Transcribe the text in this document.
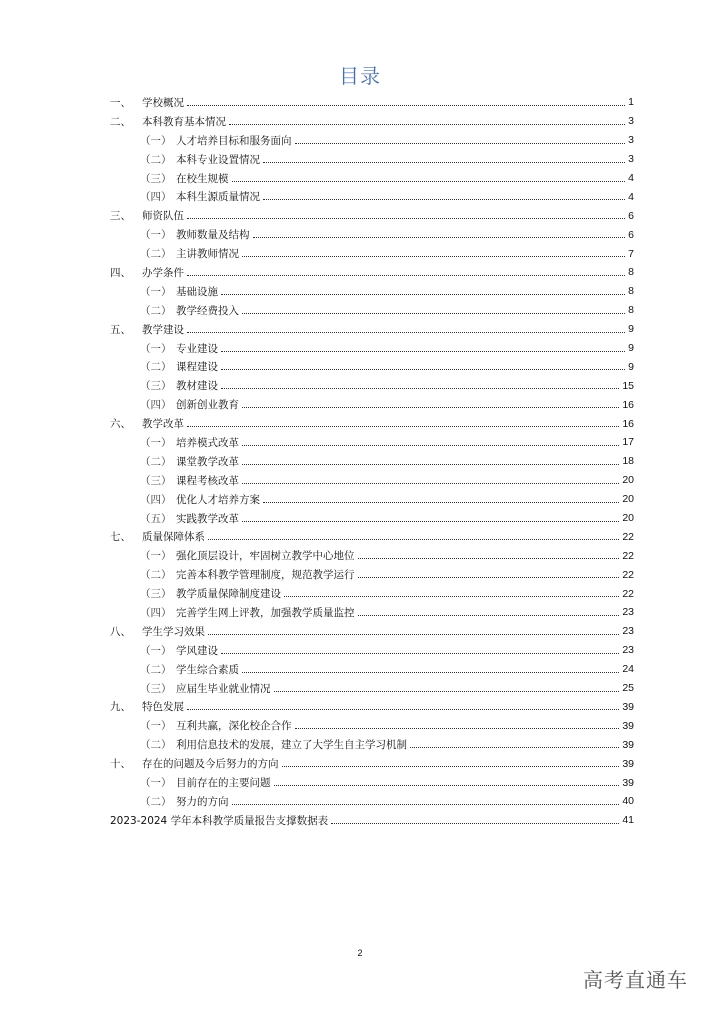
目录
一、	学校概况	1
二、	本科教育基本情况	3
（一） 人才培养目标和服务面向	3
（二） 本科专业设置情况	3
（三） 在校生规模	4
（四） 本科生源质量情况	4
三、	师资队伍	6
（一） 教师数量及结构	6
（二） 主讲教师情况	7
四、	办学条件	8
（一） 基础设施	8
（二） 教学经费投入	8
五、	教学建设	9
（一） 专业建设	9
（二） 课程建设	9
（三） 教材建设	15
（四） 创新创业教育	16
六、	教学改革	16
（一） 培养模式改革	17
（二） 课堂教学改革	18
（三） 课程考核改革	20
（四） 优化人才培养方案	20
（五） 实践教学改革	20
七、	质量保障体系	22
（一） 强化顶层设计，牢固树立教学中心地位	22
（二） 完善本科教学管理制度，规范教学运行	22
（三） 教学质量保障制度建设	22
（四） 完善学生网上评教，加强教学质量监控	23
八、	学生学习效果	23
（一） 学风建设	23
（二） 学生综合素质	24
（三） 应届生毕业就业情况	25
九、	特色发展	39
（一） 互利共赢，深化校企合作	39
（二） 利用信息技术的发展，建立了大学生自主学习机制	39
十、	存在的问题及今后努力的方向	39
（一） 目前存在的主要问题	39
（二） 努力的方向	40
2023-2024 学年本科教学质量报告支撑数据表	41
2
高考直通车
